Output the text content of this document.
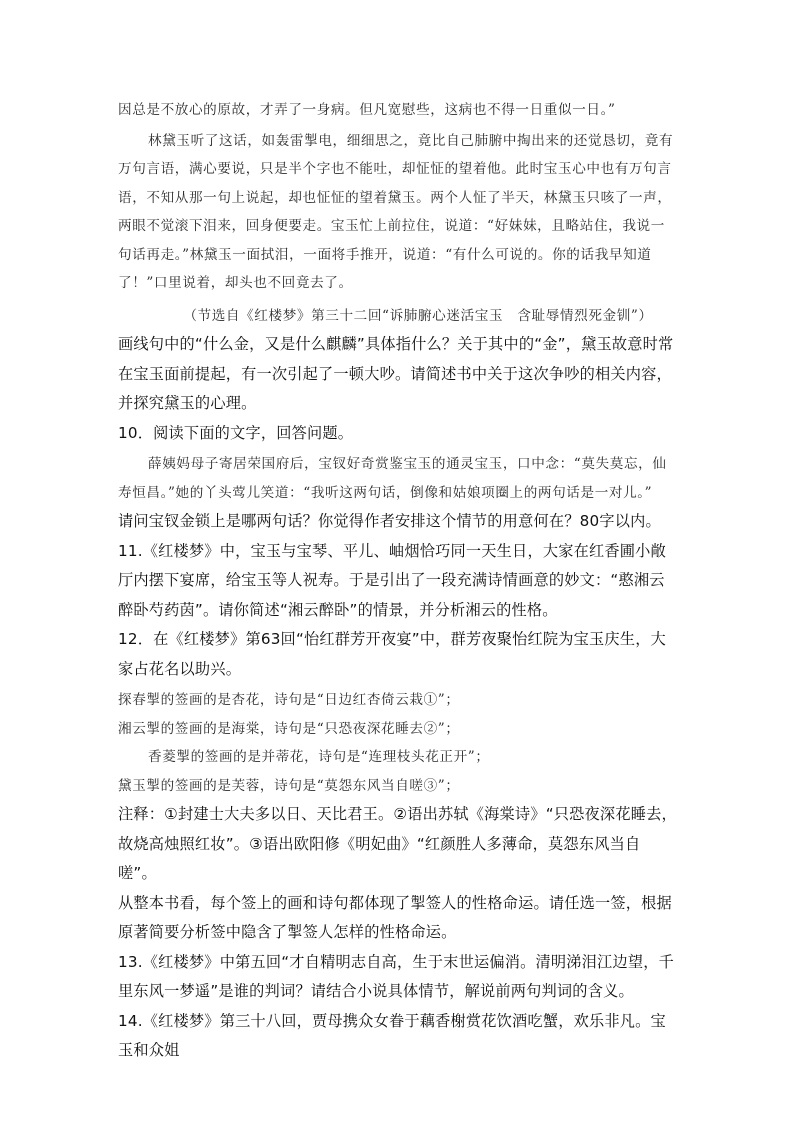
因总是不放心的原故，才弄了一身病。但凡宽慰些，这病也不得一日重似一日。”

林黛玉听了这话，如轰雷掣电，细细思之，竟比自己肺腑中掏出来的还觉恳切，竟有万句言语，满心要说，只是半个字也不能吐，却怔怔的望着他。此时宝玉心中也有万句言语，不知从那一句上说起，却也怔怔的望着黛玉。两个人怔了半天，林黛玉只咳了一声，两眼不觉滚下泪来，回身便要走。宝玉忙上前拉住，说道：“好妹妹，且略站住，我说一句话再走。”林黛玉一面拭泪，一面将手推开，说道：“有什么可说的。你的话我早知道了！”口里说着，却头也不回竟去了。

（节选自《红楼梦》第三十二回“诉肺腑心迷活宝玉　含耻辱情烈死金钏”）

画线句中的“什么金，又是什么麒麟”具体指什么？关于其中的“金”，黛玉故意时常在宝玉面前提起，有一次引起了一顿大吵。请简述书中关于这次争吵的相关内容，并探究黛玉的心理。

10．阅读下面的文字，回答问题。

薛姨妈母子寄居荣国府后，宝钗好奇赏鉴宝玉的通灵宝玉，口中念：“莫失莫忘，仙寿恒昌。”她的丫头莺儿笑道：“我听这两句话，倒像和姑娘项圈上的两句话是一对儿。”

请问宝钗金锁上是哪两句话？你觉得作者安排这个情节的用意何在？80字以内。

11.《红楼梦》中，宝玉与宝琴、平儿、岫烟恰巧同一天生日，大家在红香圃小敞厅内摆下宴席，给宝玉等人祝寿。于是引出了一段充满诗情画意的妙文：“憨湘云醉卧芍药茵”。请你简述“湘云醉卧”的情景，并分析湘云的性格。

12．在《红楼梦》第63回“怡红群芳开夜宴”中，群芳夜聚怡红院为宝玉庆生，大家占花名以助兴。

探春掣的签画的是杏花，诗句是“日边红杏倚云栽①”；

湘云掣的签画的是海棠，诗句是“只恐夜深花睡去②”；

香菱掣的签画的是并蒂花，诗句是“连理枝头花正开”；

黛玉掣的签画的是芙蓉，诗句是“莫怨东风当自嗟③”；

注释：①封建士大夫多以日、天比君王。②语出苏轼《海棠诗》“只恐夜深花睡去，故烧高烛照红妆”。③语出欧阳修《明妃曲》“红颜胜人多薄命，莫怨东风当自嗟”。

从整本书看，每个签上的画和诗句都体现了掣签人的性格命运。请任选一签，根据原著简要分析签中隐含了掣签人怎样的性格命运。

13.《红楼梦》中第五回“才自精明志自高，生于末世运偏消。清明涕泪江边望，千里东风一梦遥”是谁的判词？请结合小说具体情节，解说前两句判词的含义。

14.《红楼梦》第三十八回，贾母携众女眷于藕香榭赏花饮酒吃蟹，欢乐非凡。宝玉和众姐
